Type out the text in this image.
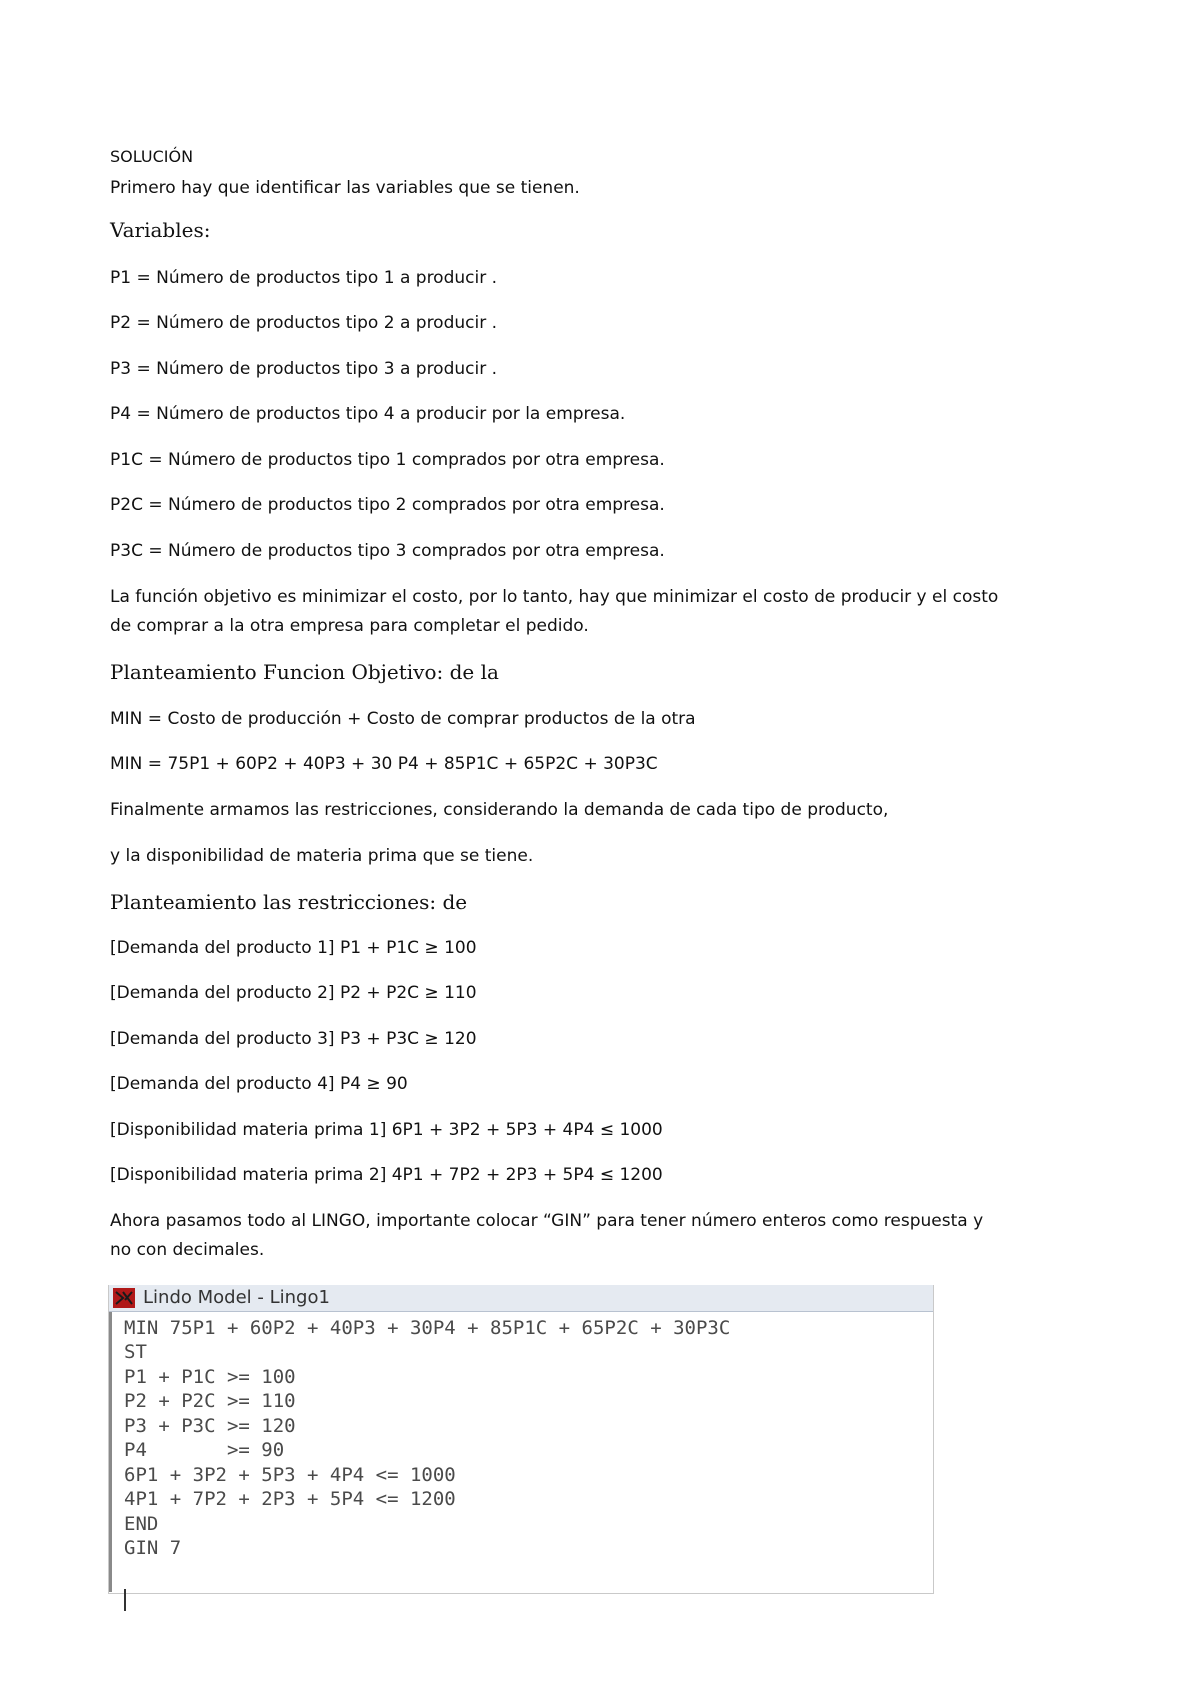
SOLUCIÓN
Primero hay que identificar las variables que se tienen.
Variables:
P1 = Número de productos tipo 1 a producir .
P2 = Número de productos tipo 2 a producir .
P3 = Número de productos tipo 3 a producir .
P4 = Número de productos tipo 4 a producir por la empresa.
P1C = Número de productos tipo 1 comprados por otra empresa.
P2C = Número de productos tipo 2 comprados por otra empresa.
P3C = Número de productos tipo 3 comprados por otra empresa.
La función objetivo es minimizar el costo, por lo tanto, hay que minimizar el costo de producir y el costo
de comprar a la otra empresa para completar el pedido.
Planteamiento Funcion Objetivo: de la
MIN = Costo de producción + Costo de comprar productos de la otra
MIN = 75P1 + 60P2 + 40P3 + 30 P4 + 85P1C + 65P2C + 30P3C
Finalmente armamos las restricciones, considerando la demanda de cada tipo de producto,
y la disponibilidad de materia prima que se tiene.
Planteamiento las restricciones: de
[Demanda del producto 1] P1 + P1C ≥ 100
[Demanda del producto 2] P2 + P2C ≥ 110
[Demanda del producto 3] P3 + P3C ≥ 120
[Demanda del producto 4] P4 ≥ 90
[Disponibilidad materia prima 1] 6P1 + 3P2 + 5P3 + 4P4 ≤ 1000
[Disponibilidad materia prima 2] 4P1 + 7P2 + 2P3 + 5P4 ≤ 1200
Ahora pasamos todo al LINGO, importante colocar “GIN” para tener número enteros como respuesta y
no con decimales.
Lindo Model - Lingo1
MIN 75P1 + 60P2 + 40P3 + 30P4 + 85P1C + 65P2C + 30P3C
ST
P1 + P1C >= 100
P2 + P2C >= 110
P3 + P3C >= 120
P4       >= 90
6P1 + 3P2 + 5P3 + 4P4 <= 1000
4P1 + 7P2 + 2P3 + 5P4 <= 1200
END
GIN 7
